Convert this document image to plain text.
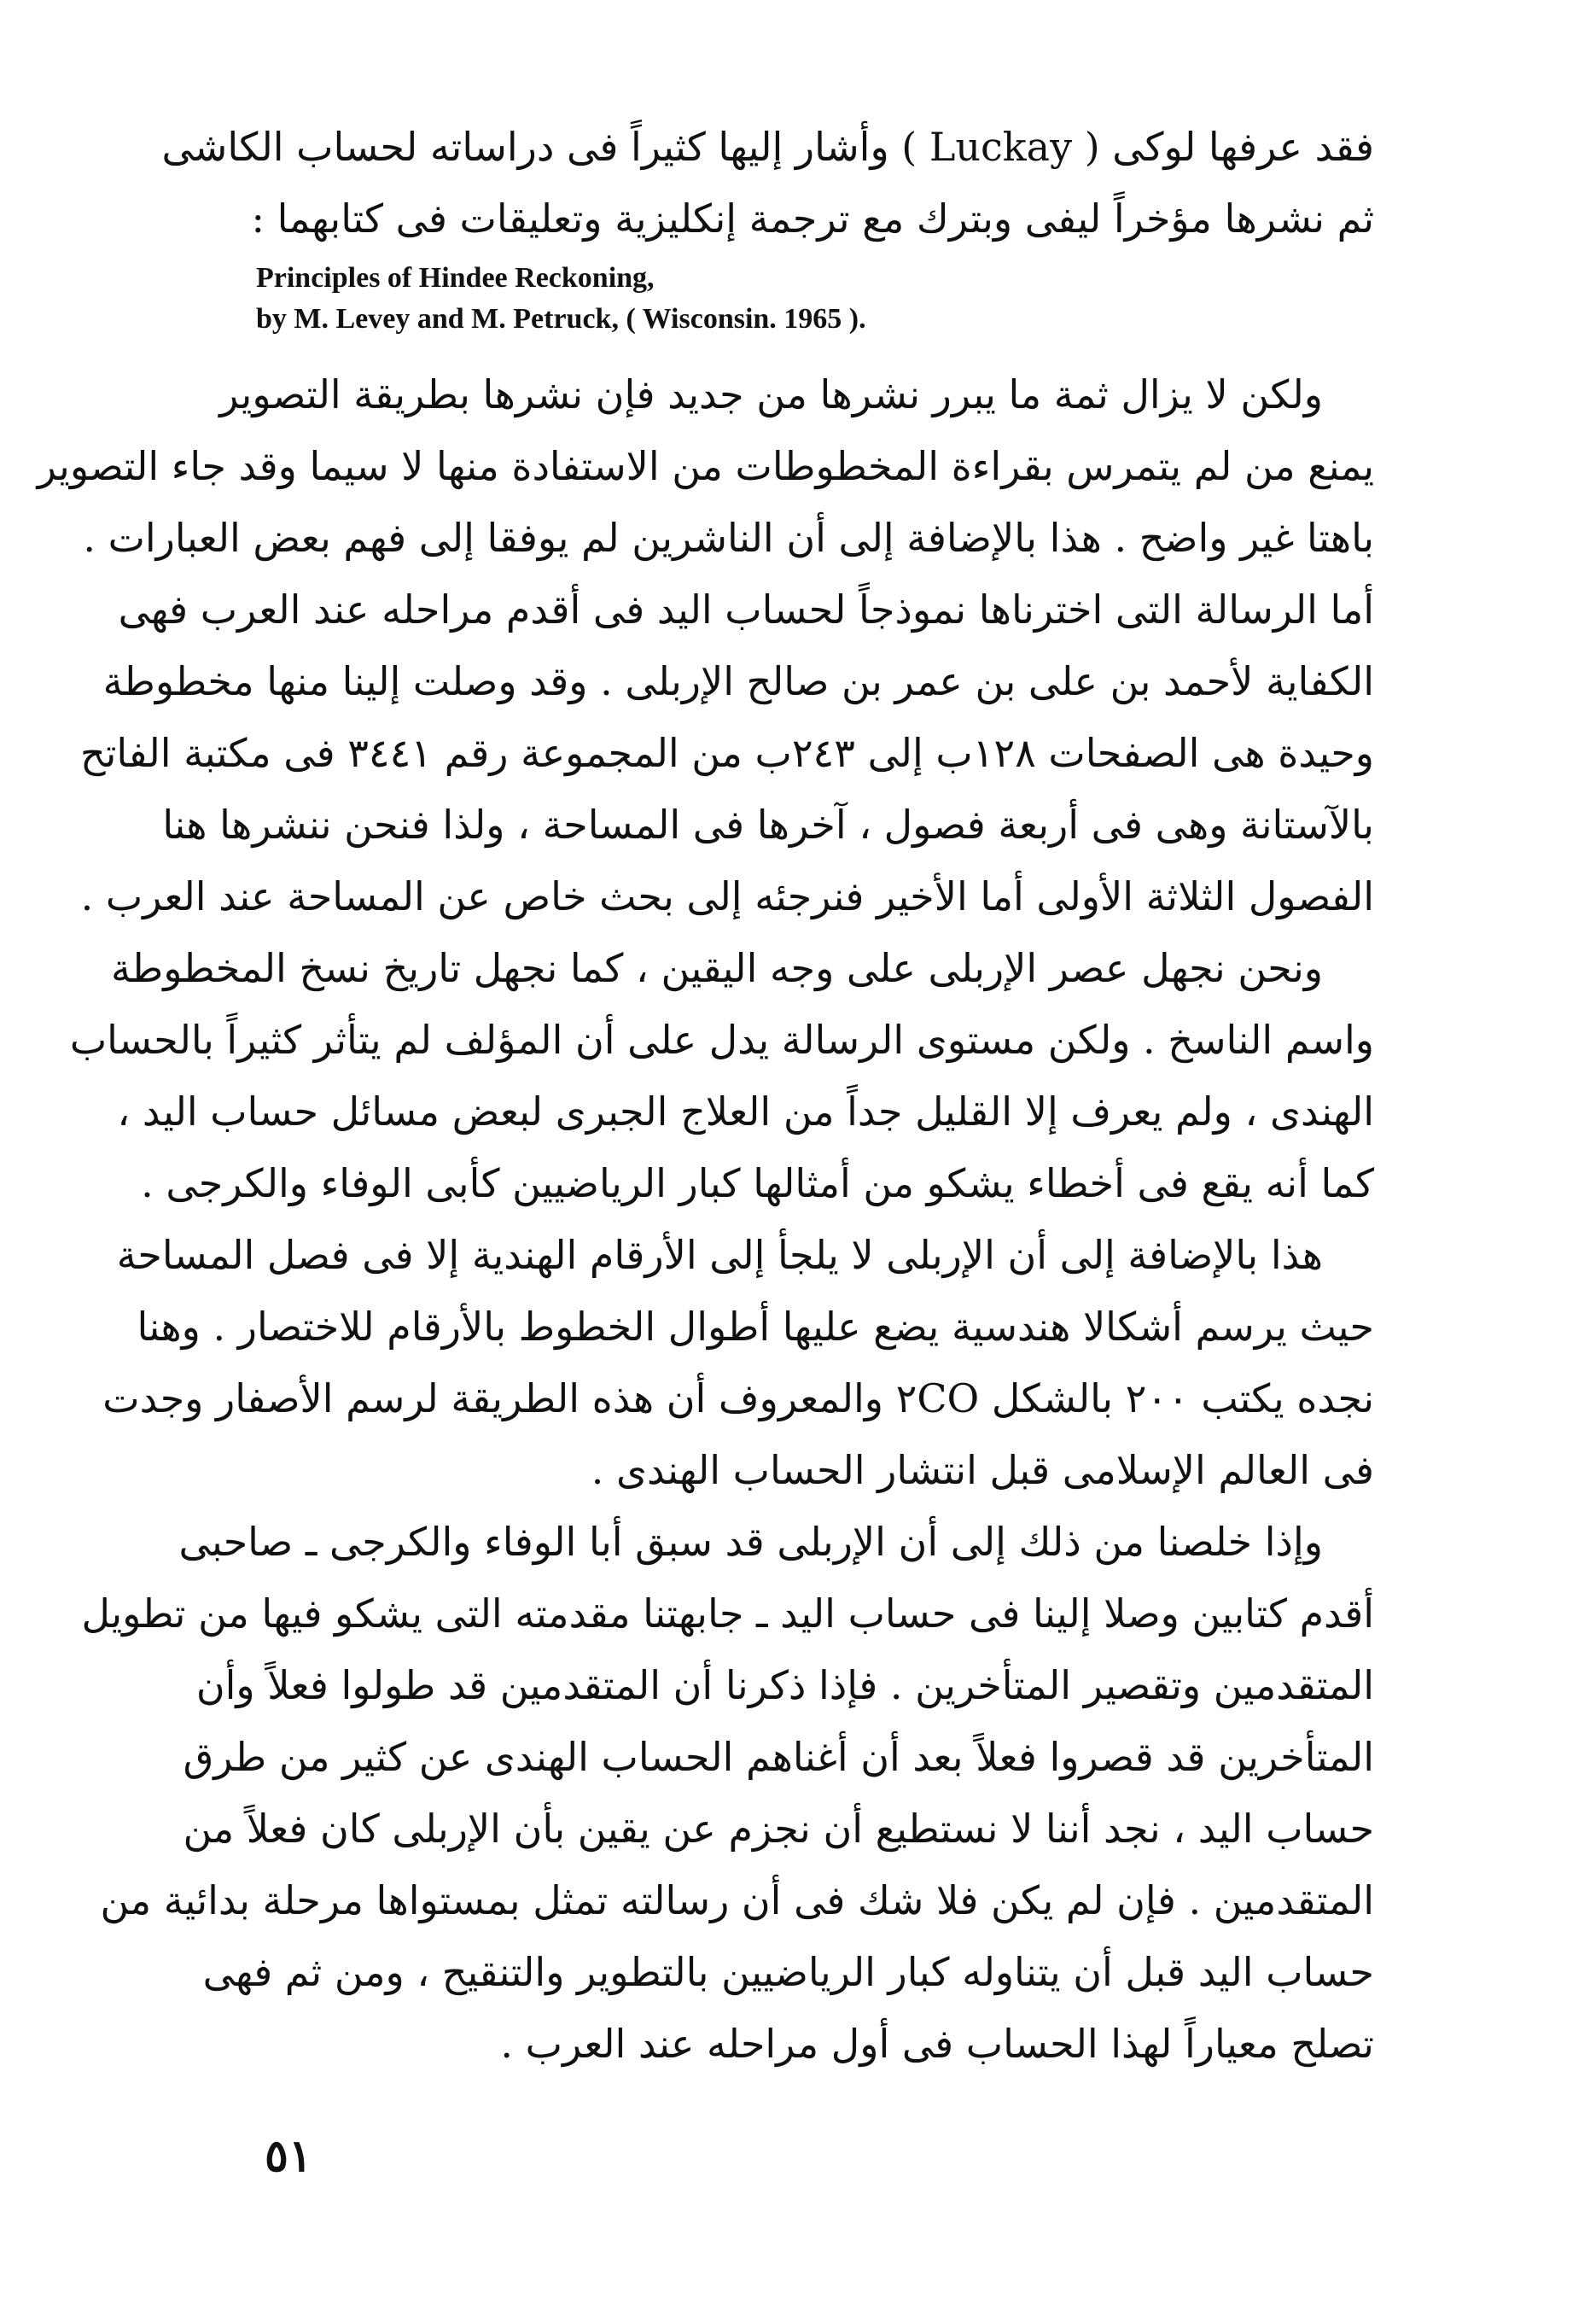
فقد عرفها لوكى ( Luckay ) وأشار إليها كثيراً فى دراساته لحساب الكاشى
ثم نشرها مؤخراً ليفى وبترك مع ترجمة إنكليزية وتعليقات فى كتابهما :
Principles of Hindee Reckoning,
by M. Levey and M. Petruck, ( Wisconsin. 1965 ).
ولكن لا يزال ثمة ما يبرر نشرها من جديد فإن نشرها بطريقة التصوير
يمنع من لم يتمرس بقراءة المخطوطات من الاستفادة منها لا سيما وقد جاء التصوير
باهتا غير واضح . هذا بالإضافة إلى أن الناشرين لم يوفقا إلى فهم بعض العبارات .
أما الرسالة التى اخترناها نموذجاً لحساب اليد فى أقدم مراحله عند العرب فهى
الكفاية لأحمد بن على بن عمر بن صالح الإربلى . وقد وصلت إلينا منها مخطوطة
وحيدة هى الصفحات ١٢٨ب إلى ٢٤٣ب من المجموعة رقم ٣٤٤١ فى مكتبة الفاتح
بالآستانة وهى فى أربعة فصول ، آخرها فى المساحة ، ولذا فنحن ننشرها هنا
الفصول الثلاثة الأولى أما الأخير فنرجئه إلى بحث خاص عن المساحة عند العرب .
ونحن نجهل عصر الإربلى على وجه اليقين ، كما نجهل تاريخ نسخ المخطوطة
واسم الناسخ . ولكن مستوى الرسالة يدل على أن المؤلف لم يتأثر كثيراً بالحساب
الهندى ، ولم يعرف إلا القليل جداً من العلاج الجبرى لبعض مسائل حساب اليد ،
كما أنه يقع فى أخطاء يشكو من أمثالها كبار الرياضيين كأبى الوفاء والكرجى .
هذا بالإضافة إلى أن الإربلى لا يلجأ إلى الأرقام الهندية إلا فى فصل المساحة
حيث يرسم أشكالا هندسية يضع عليها أطوال الخطوط بالأرقام للاختصار . وهنا
نجده يكتب ٢٠٠ بالشكل ٢CO والمعروف أن هذه الطريقة لرسم الأصفار وجدت
فى العالم الإسلامى قبل انتشار الحساب الهندى .
وإذا خلصنا من ذلك إلى أن الإربلى قد سبق أبا الوفاء والكرجى ـ صاحبى
أقدم كتابين وصلا إلينا فى حساب اليد ـ جابهتنا مقدمته التى يشكو فيها من تطويل
المتقدمين وتقصير المتأخرين . فإذا ذكرنا أن المتقدمين قد طولوا فعلاً وأن
المتأخرين قد قصروا فعلاً بعد أن أغناهم الحساب الهندى عن كثير من طرق
حساب اليد ، نجد أننا لا نستطيع أن نجزم عن يقين بأن الإربلى كان فعلاً من
المتقدمين . فإن لم يكن فلا شك فى أن رسالته تمثل بمستواها مرحلة بدائية من
حساب اليد قبل أن يتناوله كبار الرياضيين بالتطوير والتنقيح ، ومن ثم فهى
تصلح معياراً لهذا الحساب فى أول مراحله عند العرب .
٥١
